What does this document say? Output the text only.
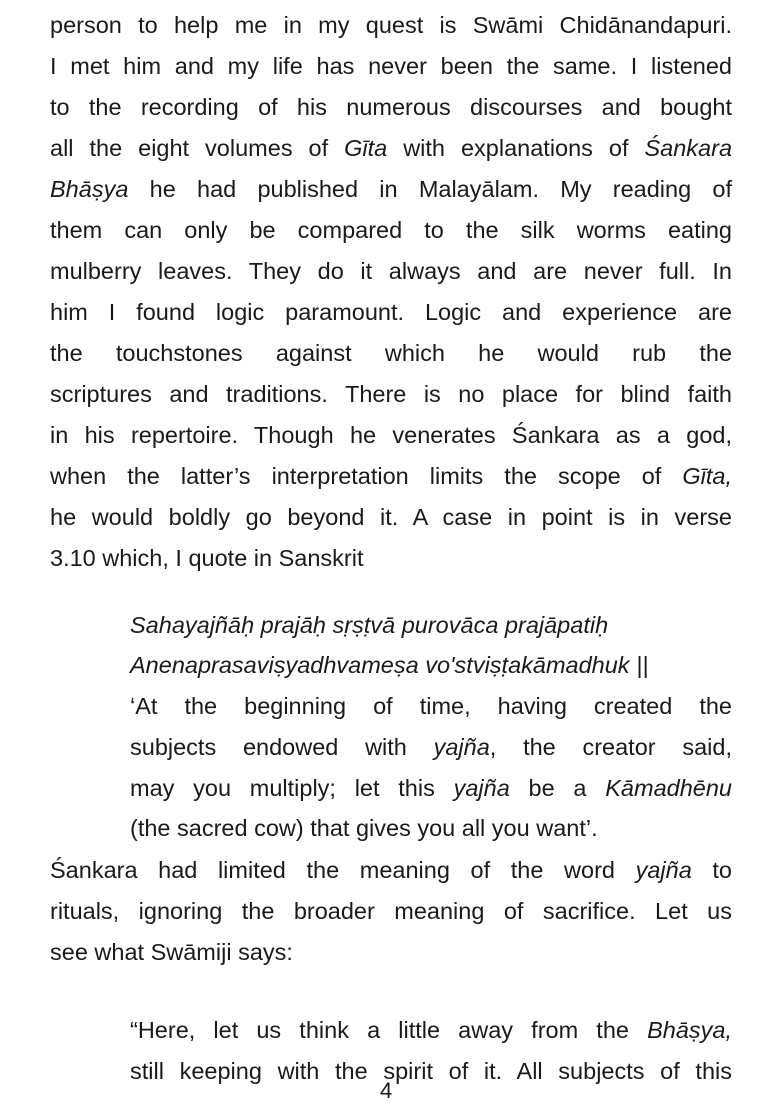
person to help me in my quest is Swāmi Chidānandapuri.
I met him and my life has never been the same. I listened
to the recording of his numerous discourses and bought
all the eight volumes of Gīta with explanations of Śankara
Bhāṣya he had published in Malayālam. My reading of
them can only be compared to the silk worms eating
mulberry leaves. They do it always and are never full. In
him I found logic paramount. Logic and experience are
the touchstones against which he would rub the
scriptures and traditions. There is no place for blind faith
in his repertoire. Though he venerates Śankara as a god,
when the latter’s interpretation limits the scope of Gīta,
he would boldly go beyond it. A case in point is in verse
3.10 which, I quote in Sanskrit
Sahayajñāḥ prajāḥ sṛṣṭvā purovāca prajāpatiḥ
Anenaprasaviṣyadhvameṣa vo'stviṣṭakāmadhuk ||
‘At the beginning of time, having created the
subjects endowed with yajña, the creator said,
may you multiply; let this yajña be a Kāmadhēnu
(the sacred cow) that gives you all you want’.
Śankara had limited the meaning of the word yajña to
rituals, ignoring the broader meaning of sacrifice. Let us
see what Swāmiji says:
“Here, let us think a little away from the Bhāṣya,
still keeping with the spirit of it. All subjects of this
4
